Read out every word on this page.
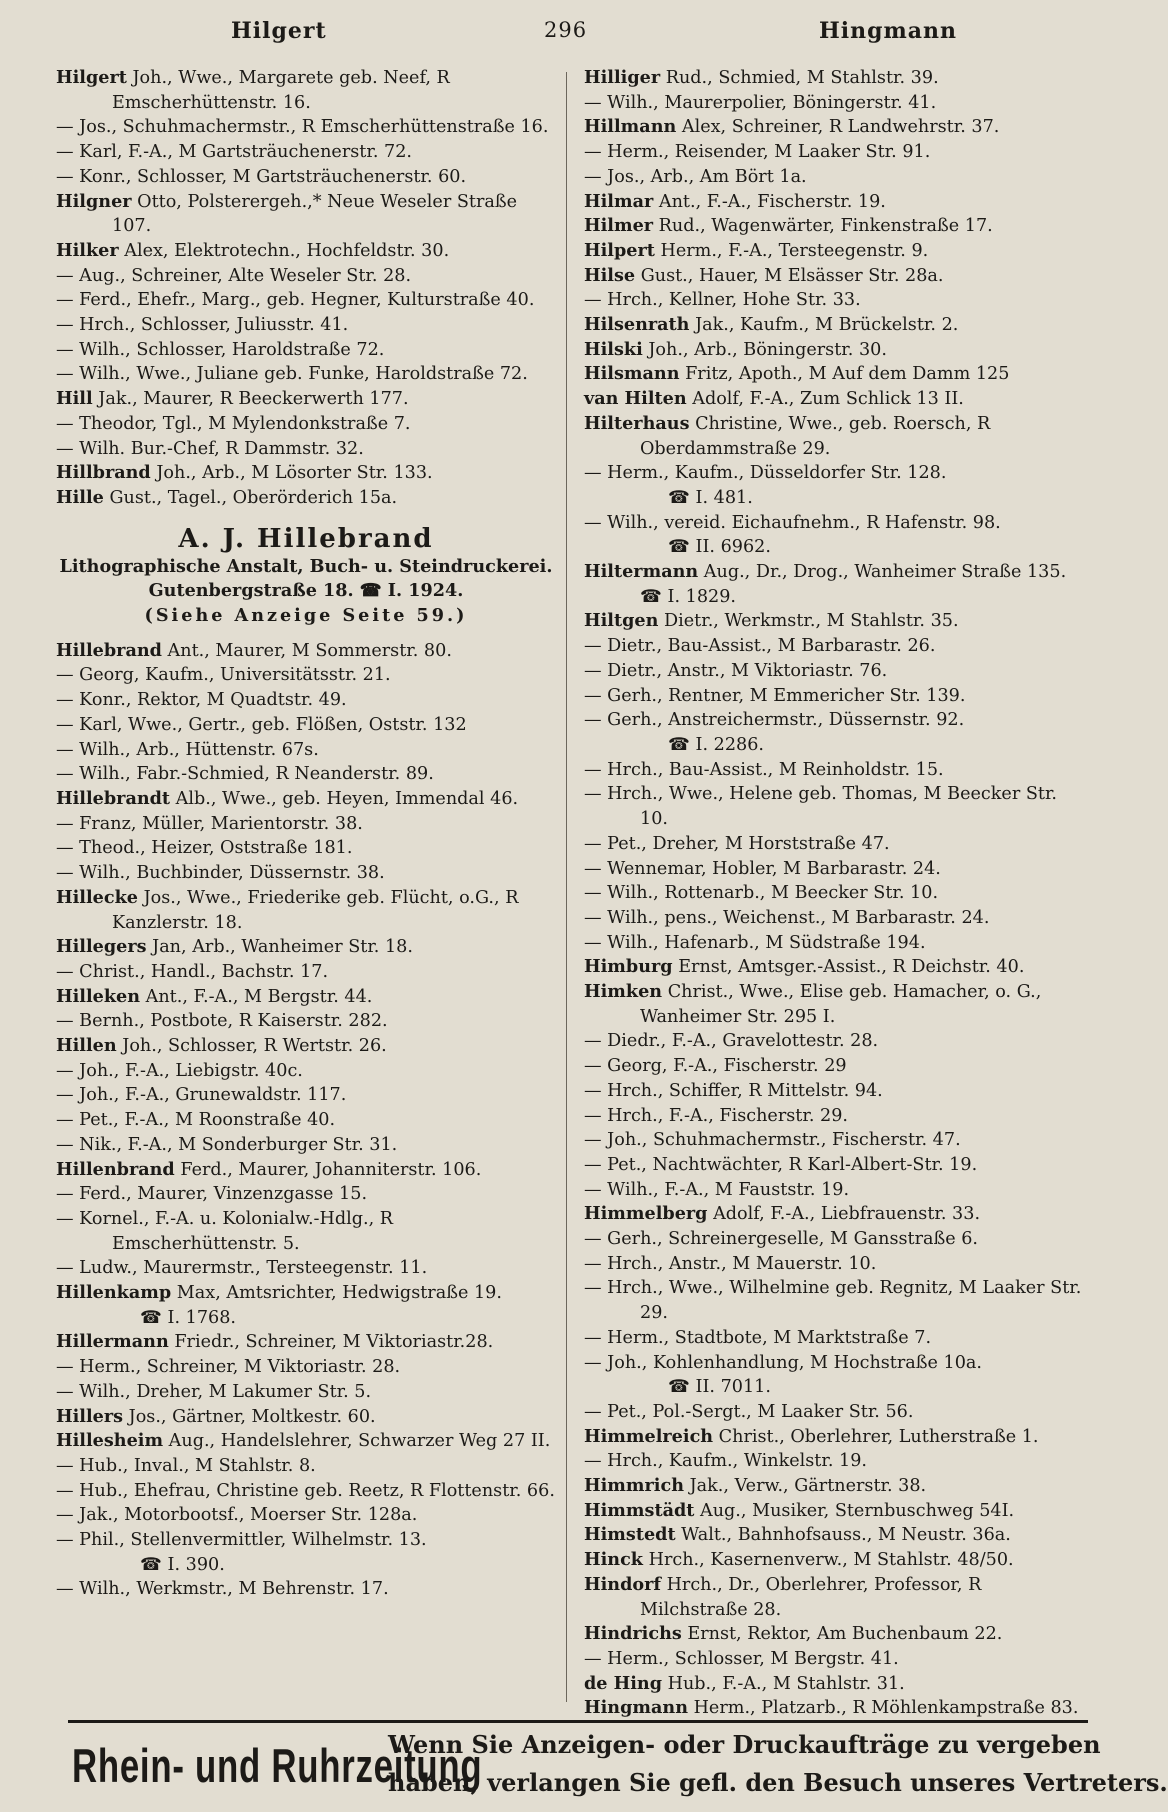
Hilgert	296	Hingmann
Hilgert Joh., Wwe., Margarete geb. Neef, R Emscherhüttenstr. 16.
— Jos., Schuhmachermstr., R Emscherhüttenstraße 16.
— Karl, F.-A., M Gartsträuchenerstr. 72.
— Konr., Schlosser, M Gartsträuchenerstr. 60.
Hilgner Otto, Polsterergeh.,* Neue Weseler Straße 107.
Hilker Alex, Elektrotechn., Hochfeldstr. 30.
— Aug., Schreiner, Alte Weseler Str. 28.
— Ferd., Ehefr., Marg., geb. Hegner, Kulturstraße 40.
— Hrch., Schlosser, Juliusstr. 41.
— Wilh., Schlosser, Haroldstraße 72.
— Wilh., Wwe., Juliane geb. Funke, Haroldstraße 72.
Hill Jak., Maurer, R Beeckerwerth 177.
— Theodor, Tgl., M Mylendonkstraße 7.
— Wilh. Bur.-Chef, R Dammstr. 32.
Hillbrand Joh., Arb., M Lösorter Str. 133.
Hille Gust., Tagel., Oberörderich 15a.
A. J. Hillebrand
Lithographische Anstalt, Buch- u. Steindruckerei.
Gutenbergstraße 18. ☎ I. 1924.
(Siehe Anzeige Seite 59.)
Hillebrand Ant., Maurer, M Sommerstr. 80.
— Georg, Kaufm., Universitätsstr. 21.
— Konr., Rektor, M Quadtstr. 49.
— Karl, Wwe., Gertr., geb. Flößen, Oststr. 132
— Wilh., Arb., Hüttenstr. 67s.
— Wilh., Fabr.-Schmied, R Neanderstr. 89.
Hillebrandt Alb., Wwe., geb. Heyen, Immendal 46.
— Franz, Müller, Marientorstr. 38.
— Theod., Heizer, Oststraße 181.
— Wilh., Buchbinder, Düssernstr. 38.
Hillecke Jos., Wwe., Friederike geb. Flücht, o.G., R Kanzlerstr. 18.
Hillegers Jan, Arb., Wanheimer Str. 18.
— Christ., Handl., Bachstr. 17.
Hilleken Ant., F.-A., M Bergstr. 44.
— Bernh., Postbote, R Kaiserstr. 282.
Hillen Joh., Schlosser, R Wertstr. 26.
— Joh., F.-A., Liebigstr. 40c.
— Joh., F.-A., Grunewaldstr. 117.
— Pet., F.-A., M Roonstraße 40.
— Nik., F.-A., M Sonderburger Str. 31.
Hillenbrand Ferd., Maurer, Johanniterstr. 106.
— Ferd., Maurer, Vinzenzgasse 15.
— Kornel., F.-A. u. Kolonialw.-Hdlg., R Emscherhüttenstr. 5.
— Ludw., Maurermstr., Tersteegenstr. 11.
Hillenkamp Max, Amtsrichter, Hedwigstraße 19.
☎ I. 1768.
Hillermann Friedr., Schreiner, M Viktoriastr.28.
— Herm., Schreiner, M Viktoriastr. 28.
— Wilh., Dreher, M Lakumer Str. 5.
Hillers Jos., Gärtner, Moltkestr. 60.
Hillesheim Aug., Handelslehrer, Schwarzer Weg 27 II.
— Hub., Inval., M Stahlstr. 8.
— Hub., Ehefrau, Christine geb. Reetz, R Flottenstr. 66.
— Jak., Motorbootsf., Moerser Str. 128a.
— Phil., Stellenvermittler, Wilhelmstr. 13.
☎ I. 390.
— Wilh., Werkmstr., M Behrenstr. 17.
Hilliger Rud., Schmied, M Stahlstr. 39.
— Wilh., Maurerpolier, Böningerstr. 41.
Hillmann Alex, Schreiner, R Landwehrstr. 37.
— Herm., Reisender, M Laaker Str. 91.
— Jos., Arb., Am Bört 1a.
Hilmar Ant., F.-A., Fischerstr. 19.
Hilmer Rud., Wagenwärter, Finkenstraße 17.
Hilpert Herm., F.-A., Tersteegenstr. 9.
Hilse Gust., Hauer, M Elsässer Str. 28a.
— Hrch., Kellner, Hohe Str. 33.
Hilsenrath Jak., Kaufm., M Brückelstr. 2.
Hilski Joh., Arb., Böningerstr. 30.
Hilsmann Fritz, Apoth., M Auf dem Damm 125
van Hilten Adolf, F.-A., Zum Schlick 13 II.
Hilterhaus Christine, Wwe., geb. Roersch, R Oberdammstraße 29.
— Herm., Kaufm., Düsseldorfer Str. 128.
☎ I. 481.
— Wilh., vereid. Eichaufnehm., R Hafenstr. 98.
☎ II. 6962.
Hiltermann Aug., Dr., Drog., Wanheimer Straße 135. ☎ I. 1829.
Hiltgen Dietr., Werkmstr., M Stahlstr. 35.
— Dietr., Bau-Assist., M Barbarastr. 26.
— Dietr., Anstr., M Viktoriastr. 76.
— Gerh., Rentner, M Emmericher Str. 139.
— Gerh., Anstreichermstr., Düssernstr. 92.
☎ I. 2286.
— Hrch., Bau-Assist., M Reinholdstr. 15.
— Hrch., Wwe., Helene geb. Thomas, M Beecker Str. 10.
— Pet., Dreher, M Horststraße 47.
— Wennemar, Hobler, M Barbarastr. 24.
— Wilh., Rottenarb., M Beecker Str. 10.
— Wilh., pens., Weichenst., M Barbarastr. 24.
— Wilh., Hafenarb., M Südstraße 194.
Himburg Ernst, Amtsger.-Assist., R Deichstr. 40.
Himken Christ., Wwe., Elise geb. Hamacher, o. G., Wanheimer Str. 295 I.
— Diedr., F.-A., Gravelottestr. 28.
— Georg, F.-A., Fischerstr. 29
— Hrch., Schiffer, R Mittelstr. 94.
— Hrch., F.-A., Fischerstr. 29.
— Joh., Schuhmachermstr., Fischerstr. 47.
— Pet., Nachtwächter, R Karl-Albert-Str. 19.
— Wilh., F.-A., M Fauststr. 19.
Himmelberg Adolf, F.-A., Liebfrauenstr. 33.
— Gerh., Schreinergeselle, M Gansstraße 6.
— Hrch., Anstr., M Mauerstr. 10.
— Hrch., Wwe., Wilhelmine geb. Regnitz, M Laaker Str. 29.
— Herm., Stadtbote, M Marktstraße 7.
— Joh., Kohlenhandlung, M Hochstraße 10a.
☎ II. 7011.
— Pet., Pol.-Sergt., M Laaker Str. 56.
Himmelreich Christ., Oberlehrer, Lutherstraße 1.
— Hrch., Kaufm., Winkelstr. 19.
Himmrich Jak., Verw., Gärtnerstr. 38.
Himmstädt Aug., Musiker, Sternbuschweg 54I.
Himstedt Walt., Bahnhofsauss., M Neustr. 36a.
Hinck Hrch., Kasernenverw., M Stahlstr. 48/50.
Hindorf Hrch., Dr., Oberlehrer, Professor, R Milchstraße 28.
Hindrichs Ernst, Rektor, Am Buchenbaum 22.
— Herm., Schlosser, M Bergstr. 41.
de Hing Hub., F.-A., M Stahlstr. 31.
Hingmann Herm., Platzarb., R Möhlenkampstraße 83.
Rhein- und Ruhrzeitung
Wenn Sie Anzeigen- oder Druckaufträge zu vergeben
haben, verlangen Sie gefl. den Besuch unseres Vertreters.
